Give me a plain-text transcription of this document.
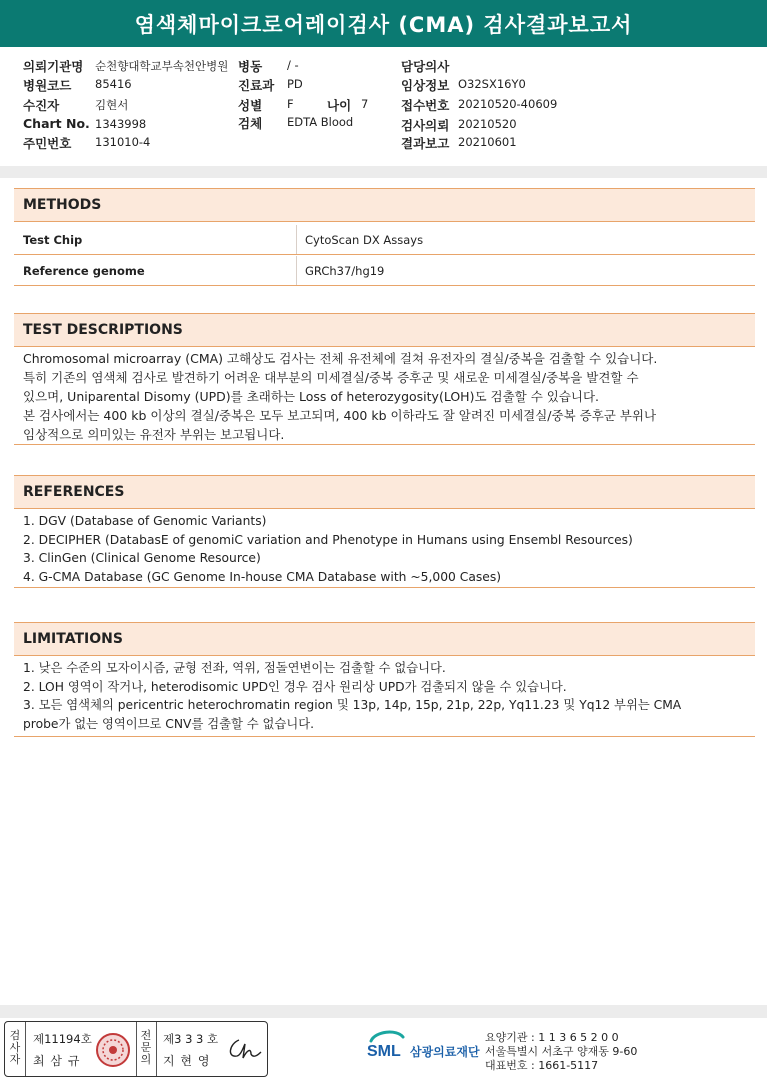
염색체마이크로어레이검사 (CMA) 검사결과보고서
의뢰기관명 순천향대학교부속천안병원 병동 / -	담당의사
병원코드 85416	진료과 PD	임상정보 O32SX16Y0
수진자	김현서	성별 F	나이 7	접수번호 20210520-40609
Chart No. 1343998	검체 EDTA Blood	검사의뢰 20210520
주민번호 131010-4	결과보고 20210601
METHODS
Test Chip	CytoScan DX Assays
Reference genome	GRCh37/hg19
TEST DESCRIPTIONS
Chromosomal microarray (CMA) 고해상도 검사는 전체 유전체에 걸쳐 유전자의 결실/중복을 검출할 수 있습니다.
특히 기존의 염색체 검사로 발견하기 어려운 대부분의 미세결실/중복 증후군 및 새로운 미세결실/중복을 발견할 수
있으며, Uniparental Disomy (UPD)를 초래하는 Loss of heterozygosity(LOH)도 검출할 수 있습니다.
본 검사에서는 400 kb 이상의 결실/중복은 모두 보고되며, 400 kb 이하라도 잘 알려진 미세결실/중복 증후군 부위나
임상적으로 의미있는 유전자 부위는 보고됩니다.
REFERENCES
1. DGV (Database of Genomic Variants)
2. DECIPHER (DatabasE of genomiC variation and Phenotype in Humans using Ensembl Resources)
3. ClinGen (Clinical Genome Resource)
4. G-CMA Database (GC Genome In-house CMA Database with ~5,000 Cases)
LIMITATIONS
1. 낮은 수준의 모자이시즘, 균형 전좌, 역위, 점돌연변이는 검출할 수 없습니다.
2. LOH 영역이 작거나, heterodisomic UPD인 경우 검사 원리상 UPD가 검출되지 않을 수 있습니다.
3. 모든 염색체의 pericentric heterochromatin region 및 13p, 14p, 15p, 21p, 22p, Yq11.23 및 Yq12 부위는 CMA
probe가 없는 영역이므로 CNV를 검출할 수 없습니다.
검사자
제11194호
최 삼 규
전문의
제3 3 3 호
지 현 영
SML 삼광의료재단
요양기관 : 1 1 3 6 5 2 0 0
서울특별시 서초구 양재동 9-60
대표번호 : 1661-5117
